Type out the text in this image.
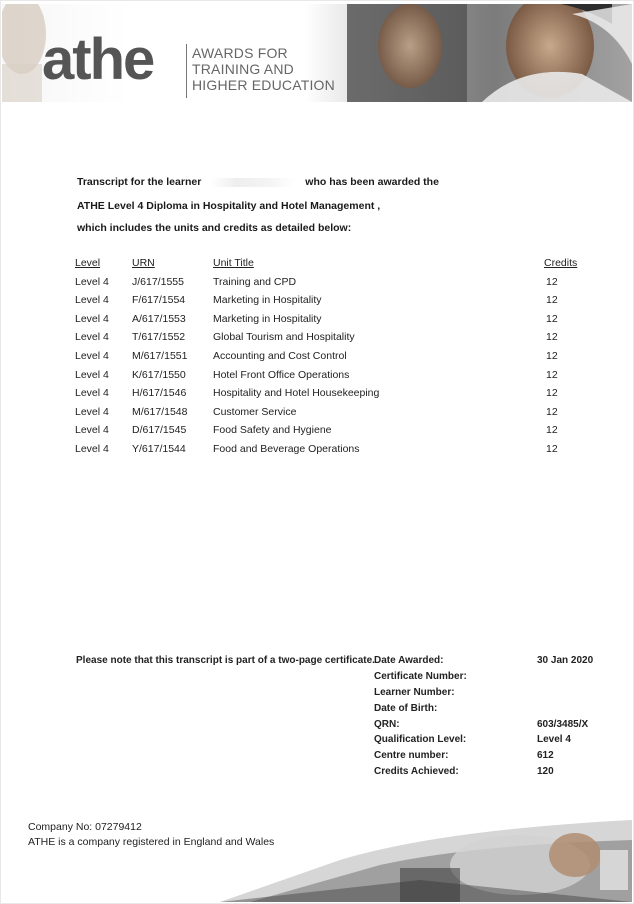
athe	AWARDS FOR
TRAINING AND
HIGHER EDUCATION
Transcript for the learner	who has been awarded the
ATHE Level 4 Diploma in Hospitality and Hotel Management ,
which includes the units and credits as detailed below:
Level	URN	Unit Title	Credits
Level 4 J/617/1555	Training and CPD	12
Level 4 F/617/1554	Marketing in Hospitality	12
Level 4 A/617/1553	Marketing in Hospitality	12
Level 4 T/617/1552	Global Tourism and Hospitality	12
Level 4 M/617/1551 Accounting and Cost Control	12
Level 4 K/617/1550	Hotel Front Office Operations	12
Level 4 H/617/1546	Hospitality and Hotel Housekeeping	12
Level 4 M/617/1548 Customer Service	12
Level 4 D/617/1545	Food Safety and Hygiene	12
Level 4 Y/617/1544	Food and Beverage Operations	12
Please note that this transcript is part of a two-page certificate. Date Awarded:	30 Jan 2020
Certificate Number:
Learner Number:
Date of Birth:
QRN:	603/3485/X
Qualification Level:	Level 4
Centre number:	612
Credits Achieved:	120
Company No: 07279412
ATHE is a company registered in England and Wales
